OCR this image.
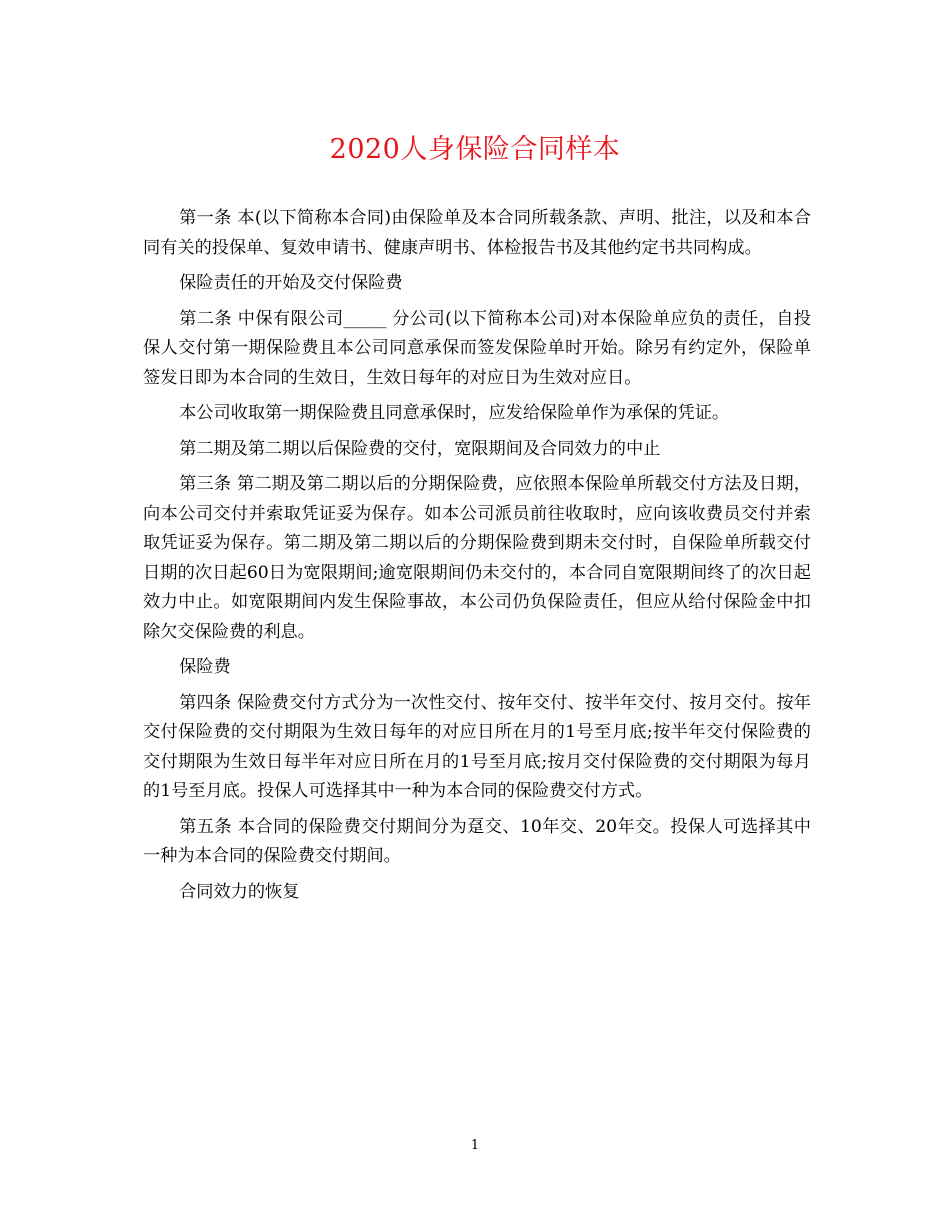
2020人身保险合同样本

第一条 本(以下简称本合同)由保险单及本合同所载条款、声明、批注，以及和本合同有关的投保单、复效申请书、健康声明书、体检报告书及其他约定书共同构成。

保险责任的开始及交付保险费

第二条 中保有限公司_____ 分公司(以下简称本公司)对本保险单应负的责任，自投保人交付第一期保险费且本公司同意承保而签发保险单时开始。除另有约定外，保险单签发日即为本合同的生效日，生效日每年的对应日为生效对应日。

本公司收取第一期保险费且同意承保时，应发给保险单作为承保的凭证。

第二期及第二期以后保险费的交付，宽限期间及合同效力的中止

第三条 第二期及第二期以后的分期保险费，应依照本保险单所载交付方法及日期，向本公司交付并索取凭证妥为保存。如本公司派员前往收取时，应向该收费员交付并索取凭证妥为保存。第二期及第二期以后的分期保险费到期未交付时，自保险单所载交付日期的次日起60日为宽限期间;逾宽限期间仍未交付的，本合同自宽限期间终了的次日起效力中止。如宽限期间内发生保险事故，本公司仍负保险责任，但应从给付保险金中扣除欠交保险费的利息。

保险费

第四条 保险费交付方式分为一次性交付、按年交付、按半年交付、按月交付。按年交付保险费的交付期限为生效日每年的对应日所在月的1号至月底;按半年交付保险费的交付期限为生效日每半年对应日所在月的1号至月底;按月交付保险费的交付期限为每月的1号至月底。投保人可选择其中一种为本合同的保险费交付方式。

第五条 本合同的保险费交付期间分为趸交、10年交、20年交。投保人可选择其中一种为本合同的保险费交付期间。

合同效力的恢复

1
